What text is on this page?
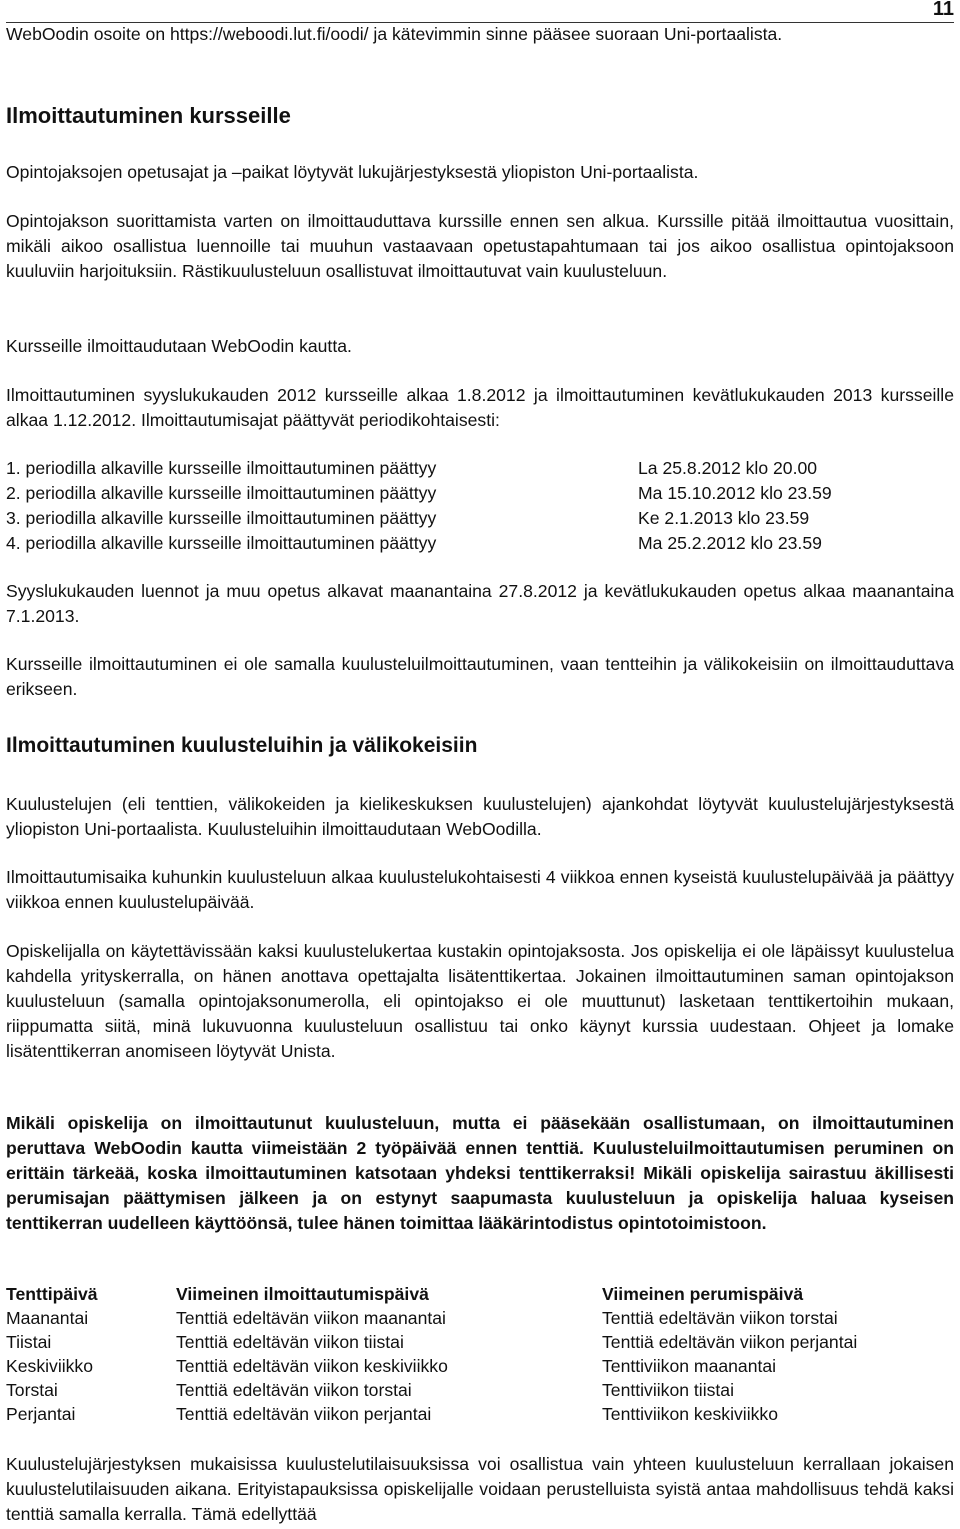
11

WebOodin osoite on https://weboodi.lut.fi/oodi/ ja kätevimmin sinne pääsee suoraan Uni-portaalista.

Ilmoittautuminen kursseille

Opintojaksojen opetusajat ja –paikat löytyvät lukujärjestyksestä yliopiston Uni-portaalista.

Opintojakson suorittamista varten on ilmoittauduttava kurssille ennen sen alkua. Kurssille pitää ilmoittautua vuosittain, mikäli aikoo osallistua luennoille tai muuhun vastaavaan opetustapahtumaan tai jos aikoo osallistua opintojaksoon kuuluviin harjoituksiin. Rästikuulusteluun osallistuvat ilmoittautuvat vain kuulusteluun.

Kursseille ilmoittaudutaan WebOodin kautta.

Ilmoittautuminen syyslukukauden 2012 kursseille alkaa 1.8.2012 ja ilmoittautuminen kevätlukukauden 2013 kursseille alkaa 1.12.2012. Ilmoittautumisajat päättyvät periodikohtaisesti:

1. periodilla alkaville kursseille ilmoittautuminen päättyy	La 25.8.2012 klo 20.00
2. periodilla alkaville kursseille ilmoittautuminen päättyy	Ma 15.10.2012 klo 23.59
3. periodilla alkaville kursseille ilmoittautuminen päättyy	Ke 2.1.2013 klo 23.59
4. periodilla alkaville kursseille ilmoittautuminen päättyy	Ma 25.2.2012 klo 23.59

Syyslukukauden luennot ja muu opetus alkavat maanantaina 27.8.2012 ja kevätlukukauden opetus alkaa maanantaina 7.1.2013.

Kursseille ilmoittautuminen ei ole samalla kuulusteluilmoittautuminen, vaan tentteihin ja välikokeisiin on ilmoittauduttava erikseen.

Ilmoittautuminen kuulusteluihin ja välikokeisiin

Kuulustelujen (eli tenttien, välikokeiden ja kielikeskuksen kuulustelujen) ajankohdat löytyvät kuulustelujärjestyksestä yliopiston Uni-portaalista. Kuulusteluihin ilmoittaudutaan WebOodilla.

Ilmoittautumisaika kuhunkin kuulusteluun alkaa kuulustelukohtaisesti 4 viikkoa ennen kyseistä kuulustelupäivää ja päättyy viikkoa ennen kuulustelupäivää.

Opiskelijalla on käytettävissään kaksi kuulustelukertaa kustakin opintojaksosta. Jos opiskelija ei ole läpäissyt kuulustelua kahdella yrityskerralla, on hänen anottava opettajalta lisätenttikertaa. Jokainen ilmoittautuminen saman opintojakson kuulusteluun (samalla opintojaksonumerolla, eli opintojakso ei ole muuttunut) lasketaan tenttikertoihin mukaan, riippumatta siitä, minä lukuvuonna kuulusteluun osallistuu tai onko käynyt kurssia uudestaan. Ohjeet ja lomake lisätenttikerran anomiseen löytyvät Unista.

Mikäli opiskelija on ilmoittautunut kuulusteluun, mutta ei pääsekään osallistumaan, on ilmoittautuminen peruttava WebOodin kautta viimeistään 2 työpäivää ennen tenttiä. Kuulusteluilmoittautumisen peruminen on erittäin tärkeää, koska ilmoittautuminen katsotaan yhdeksi tenttikerraksi! Mikäli opiskelija sairastuu äkillisesti perumisajan päättymisen jälkeen ja on estynyt saapumasta kuulusteluun ja opiskelija haluaa kyseisen tenttikerran uudelleen käyttöönsä, tulee hänen toimittaa lääkärintodistus opintotoimistoon.

Tenttipäivä	Viimeinen ilmoittautumispäivä	Viimeinen perumispäivä
Maanantai	Tenttiä edeltävän viikon maanantai	Tenttiä edeltävän viikon torstai
Tiistai	Tenttiä edeltävän viikon tiistai	Tenttiä edeltävän viikon perjantai
Keskiviikko	Tenttiä edeltävän viikon keskiviikko	Tenttiviikon maanantai
Torstai	Tenttiä edeltävän viikon torstai	Tenttiviikon tiistai
Perjantai	Tenttiä edeltävän viikon perjantai	Tenttiviikon keskiviikko

Kuulustelujärjestyksen mukaisissa kuulustelutilaisuuksissa voi osallistua vain yhteen kuulusteluun kerrallaan jokaisen kuulustelutilaisuuden aikana. Erityistapauksissa opiskelijalle voidaan perustelluista syistä antaa mahdollisuus tehdä kaksi tenttiä samalla kerralla. Tämä edellyttää
